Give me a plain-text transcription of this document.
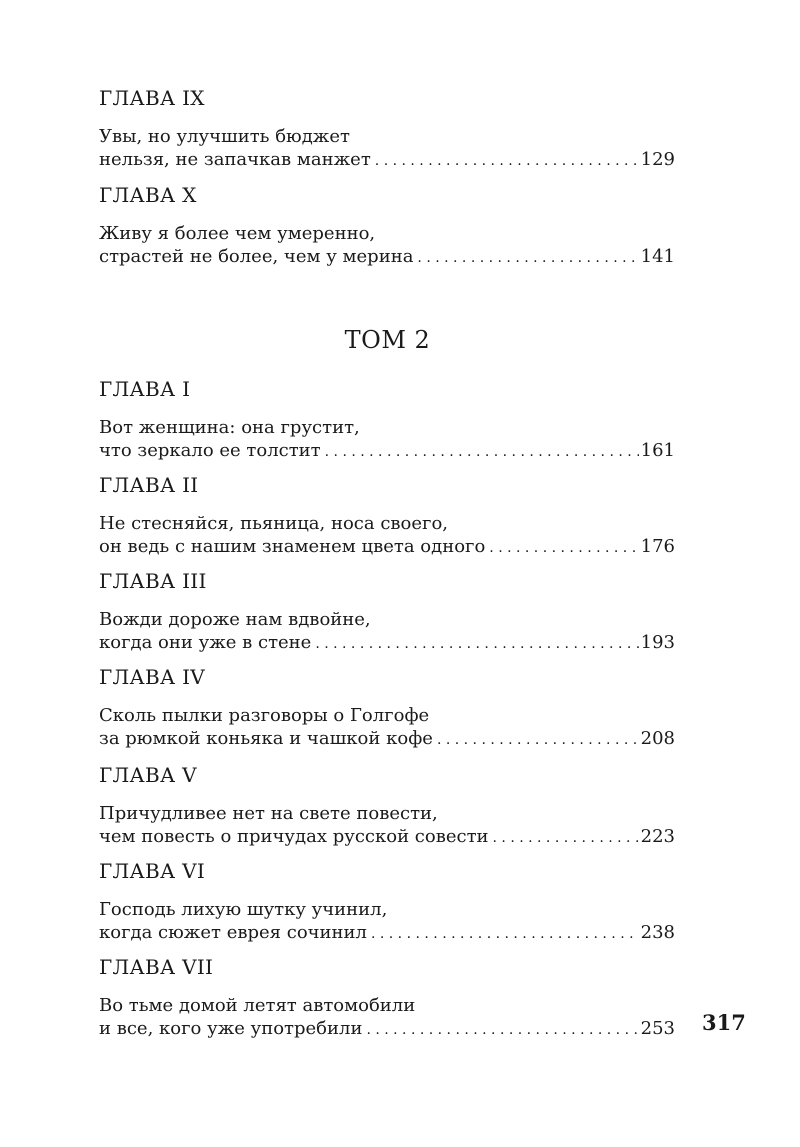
ГЛАВА IX
Увы, но улучшить бюджет
нельзя, не запачкав манжет . . .	129
ГЛАВА X
Живу я более чем умеренно,
страстей не более, чем у мерина . . .	141
ТОМ 2
ГЛАВА I
Вот женщина: она грустит,
что зеркало ее толстит . . .	161
ГЛАВА II
Не стесняйся, пьяница, носа своего,
он ведь с нашим знаменем цвета одного . . .	176
ГЛАВА III
Вожди дороже нам вдвойне,
когда они уже в стене . . .	193
ГЛАВА IV
Сколь пылки разговоры о Голгофе
за рюмкой коньяка и чашкой кофе . . .	208
ГЛАВА V
Причудливее нет на свете повести,
чем повесть о причудах русской совести . . .	223
ГЛАВА VI
Господь лихую шутку учинил,
когда сюжет еврея сочинил . . .	238
ГЛАВА VII
Во тьме домой летят автомобили
и все, кого уже употребили . . .	253 317
